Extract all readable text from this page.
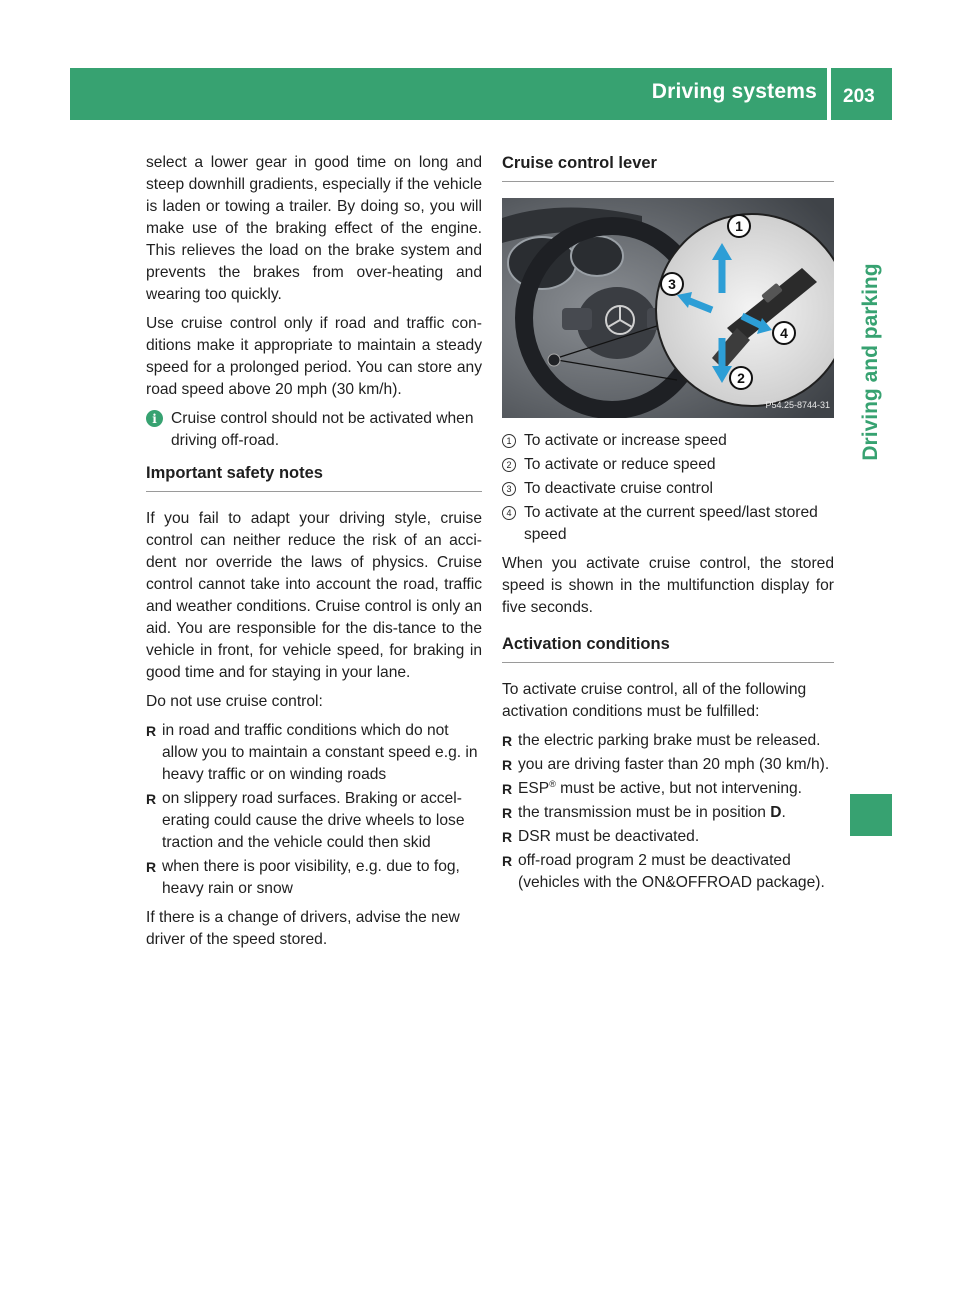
Driving systems 203
Driving and parking

select a lower gear in good time on long and steep downhill gradients, especially if the vehicle is laden or towing a trailer. By doing so, you will make use of the braking effect of the engine. This relieves the load on the brake system and prevents the brakes from over-heating and wearing too quickly.

Use cruise control only if road and traffic con-ditions make it appropriate to maintain a steady speed for a prolonged period. You can store any road speed above 20 mph (30 km/h).

i Cruise control should not be activated when driving off-road.
Important safety notes

If you fail to adapt your driving style, cruise control can neither reduce the risk of an acci-dent nor override the laws of physics. Cruise control cannot take into account the road, traffic and weather conditions. Cruise control is only an aid. You are responsible for the dis-tance to the vehicle in front, for vehicle speed, for braking in good time and for staying in your lane.

Do not use cruise control:

R in road and traffic conditions which do not allow you to maintain a constant speed e.g. in heavy traffic or on winding roads
R on slippery road surfaces. Braking or accel-erating could cause the drive wheels to lose traction and the vehicle could then skid
R when there is poor visibility, e.g. due to fog, heavy rain or snow

If there is a change of drivers, advise the new driver of the speed stored.

Cruise control lever
1
2
3
4
P54.25-8744-31
1 To activate or increase speed
2 To activate or reduce speed
3 To deactivate cruise control
4 To activate at the current speed/last stored speed

When you activate cruise control, the stored speed is shown in the multifunction display for five seconds.

Activation conditions

To activate cruise control, all of the following activation conditions must be fulfilled:

R the electric parking brake must be released.
R you are driving faster than 20 mph (30 km/h).
R ESP® must be active, but not intervening.
R the transmission must be in position D.
R DSR must be deactivated.
R off-road program 2 must be deactivated (vehicles with the ON&OFFROAD package).
